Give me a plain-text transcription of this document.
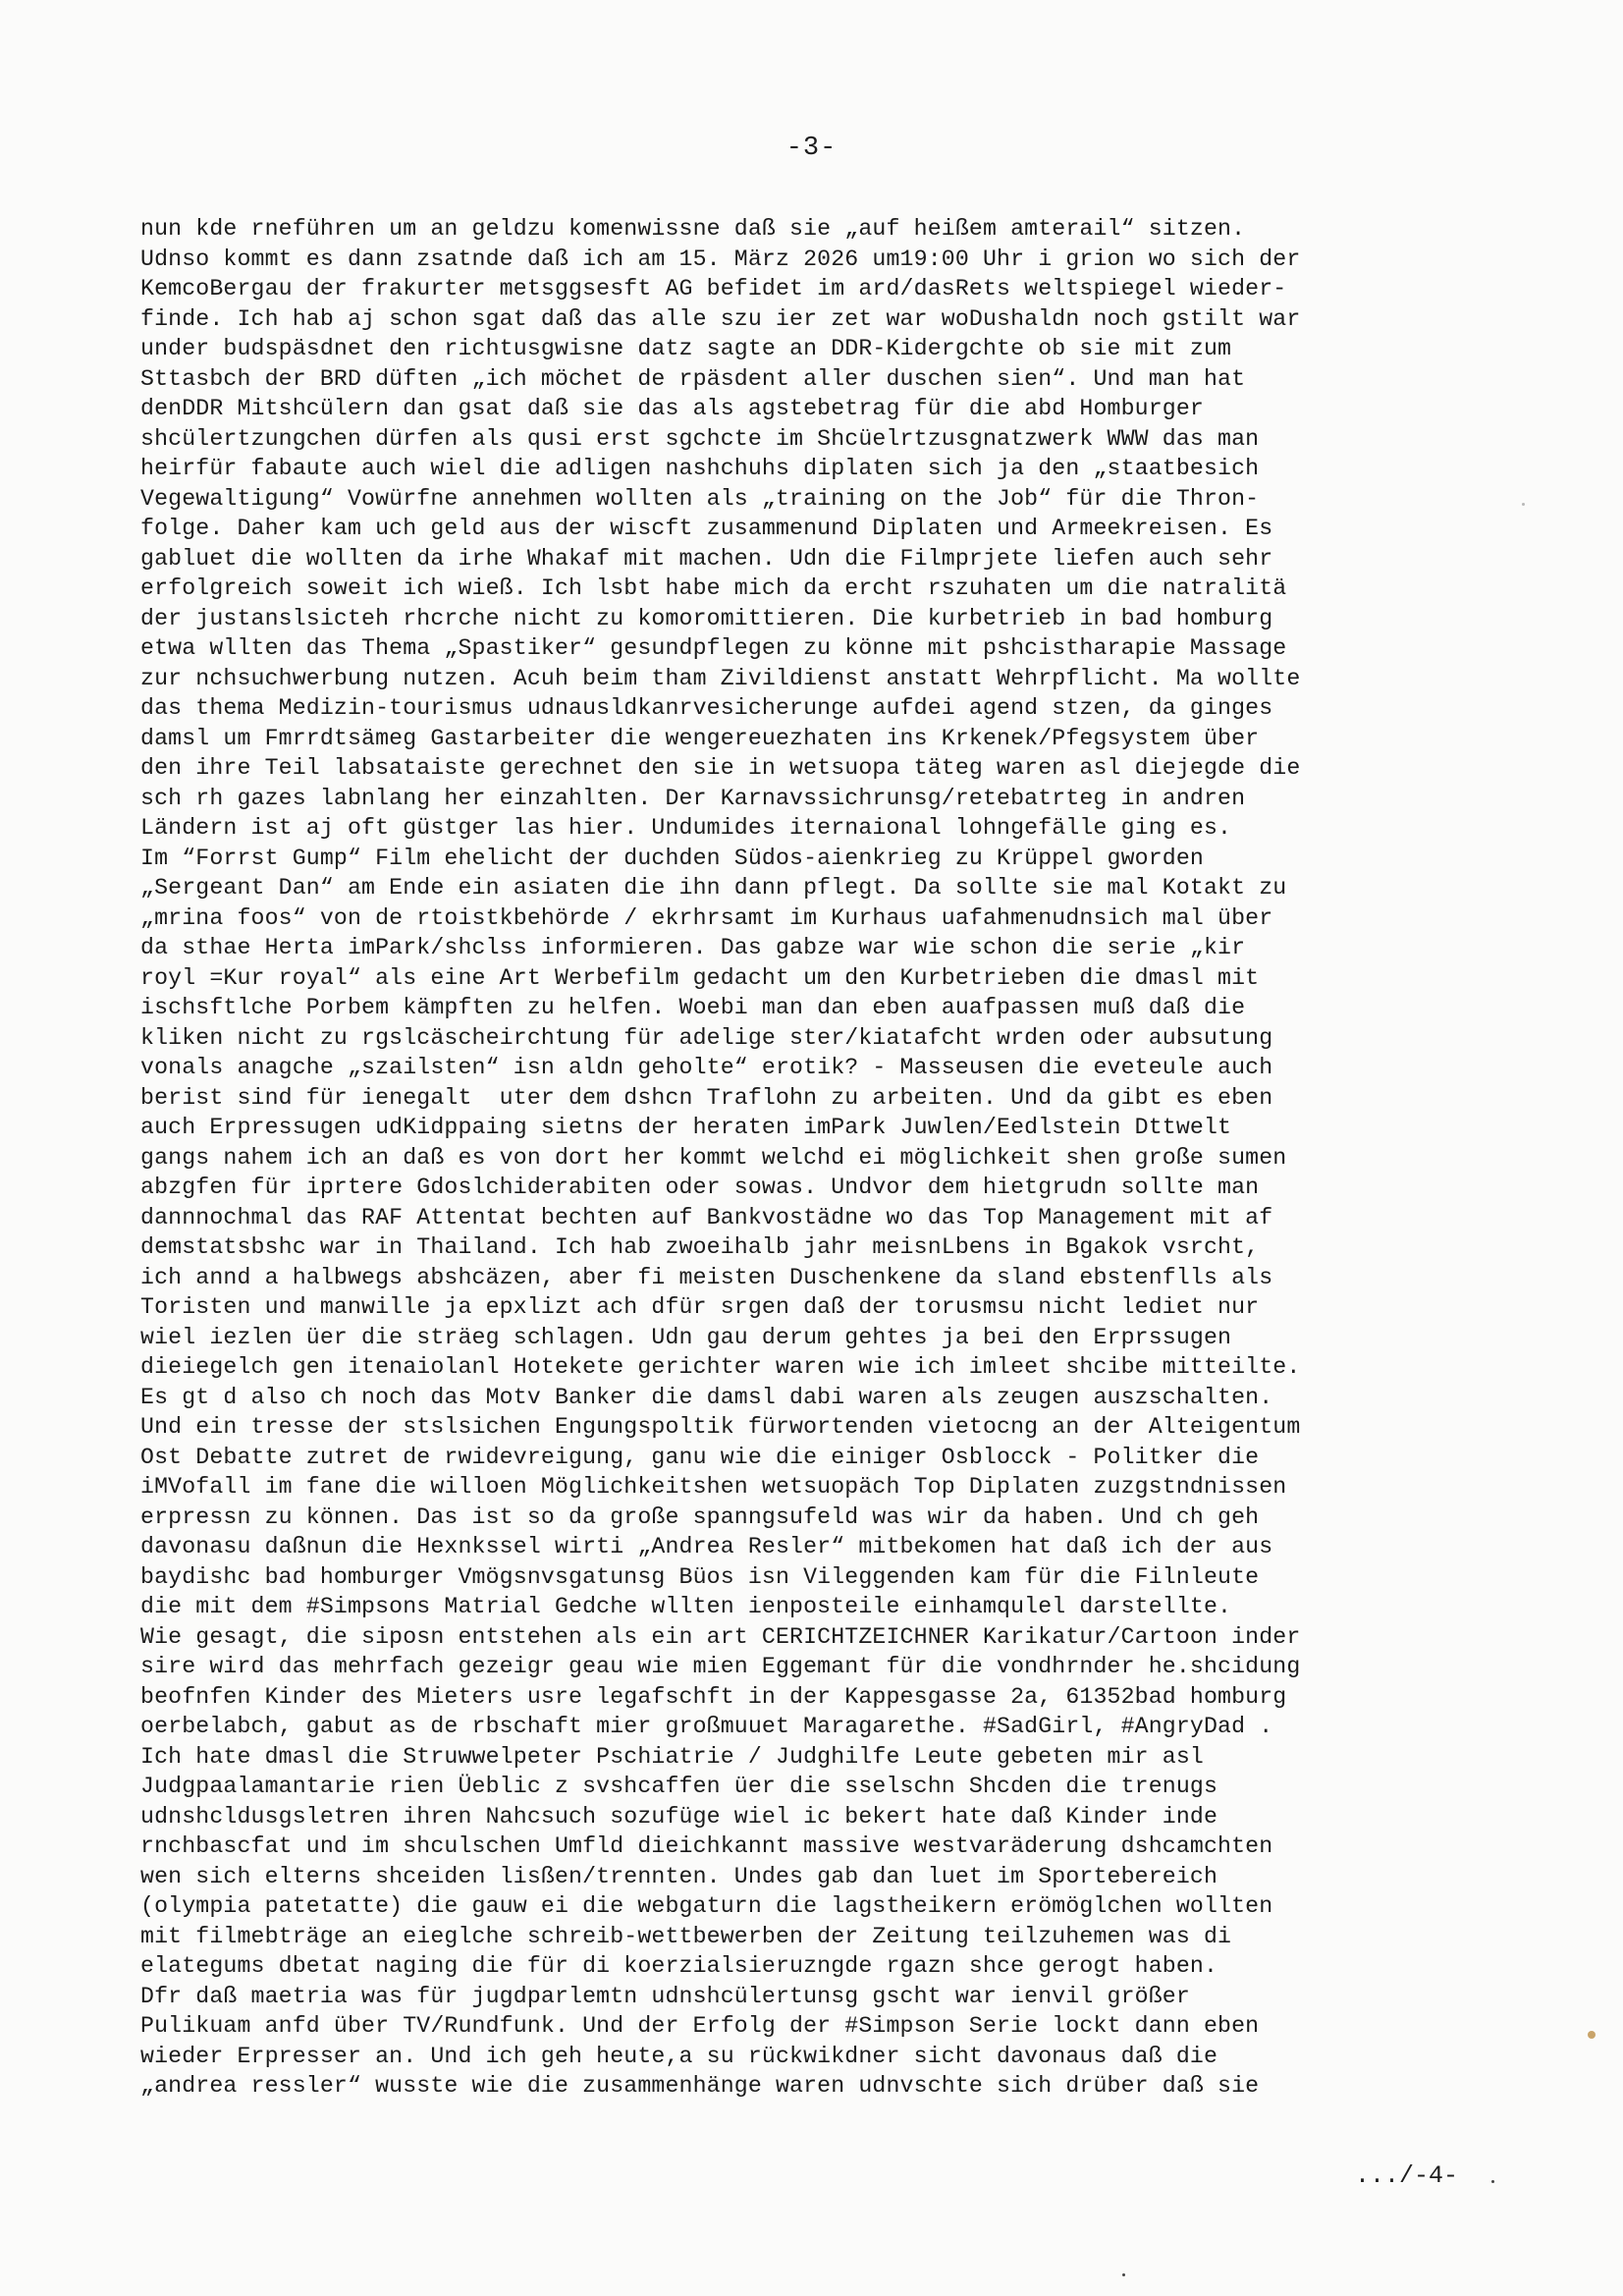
-3-
nun kde rneführen um an geldzu komenwissne daß sie „auf heißem amterail“ sitzen.
Udnso kommt es dann zsatnde daß ich am 15. März 2026 um19:00 Uhr i grion wo sich der
KemcoBergau der frakurter metsggsesft AG befidet im ard/dasRets weltspiegel wieder-
finde. Ich hab aj schon sgat daß das alle szu ier zet war woDushaldn noch gstilt war
under budspäsdnet den richtusgwisne datz sagte an DDR-Kidergchte ob sie mit zum
Sttasbch der BRD düften „ich möchet de rpäsdent aller duschen sien“. Und man hat
denDDR Mitshcülern dan gsat daß sie das als agstebetrag für die abd Homburger
shcülertzungchen dürfen als qusi erst sgchcte im Shcüelrtzusgnatzwerk WWW das man
heirfür fabaute auch wiel die adligen nashchuhs diplaten sich ja den „staatbesich
Vegewaltigung“ Vowürfne annehmen wollten als „training on the Job“ für die Thron-
folge. Daher kam uch geld aus der wiscft zusammenund Diplaten und Armeekreisen. Es
gabluet die wollten da irhe Whakaf mit machen. Udn die Filmprjete liefen auch sehr
erfolgreich soweit ich wieß. Ich lsbt habe mich da ercht rszuhaten um die natralitä
der justanslsicteh rhcrche nicht zu komoromittieren. Die kurbetrieb in bad homburg
etwa wllten das Thema „Spastiker“ gesundpflegen zu könne mit pshcistharapie Massage
zur nchsuchwerbung nutzen. Acuh beim tham Zivildienst anstatt Wehrpflicht. Ma wollte
das thema Medizin-tourismus udnausldkanrvesicherunge aufdei agend stzen, da ginges
damsl um Fmrrdtsämeg Gastarbeiter die wengereuezhaten ins Krkenek/Pfegsystem über
den ihre Teil labsataiste gerechnet den sie in wetsuopa täteg waren asl diejegde die
sch rh gazes labnlang her einzahlten. Der Karnavssichrunsg/retebatrteg in andren
Ländern ist aj oft güstger las hier. Undumides iternaional lohngefälle ging es.
Im “Forrst Gump“ Film ehelicht der duchden Südos-aienkrieg zu Krüppel gworden
„Sergeant Dan“ am Ende ein asiaten die ihn dann pflegt. Da sollte sie mal Kotakt zu
„mrina foos“ von de rtoistkbehörde / ekrhrsamt im Kurhaus uafahmenudnsich mal über
da sthae Herta imPark/shclss informieren. Das gabze war wie schon die serie „kir
royl =Kur royal“ als eine Art Werbefilm gedacht um den Kurbetrieben die dmasl mit
ischsftlche Porbem kämpften zu helfen. Woebi man dan eben auafpassen muß daß die
kliken nicht zu rgslcäscheirchtung für adelige ster/kiatafcht wrden oder aubsutung
vonals anagche „szailsten“ isn aldn geholte“ erotik? - Masseusen die eveteule auch
berist sind für ienegalt  uter dem dshcn Traflohn zu arbeiten. Und da gibt es eben
auch Erpressugen udKidppaing sietns der heraten imPark Juwlen/Eedlstein Dttwelt
gangs nahem ich an daß es von dort her kommt welchd ei möglichkeit shen große sumen
abzgfen für iprtere Gdoslchiderabiten oder sowas. Undvor dem hietgrudn sollte man
dannnochmal das RAF Attentat bechten auf Bankvostädne wo das Top Management mit af
demstatsbshc war in Thailand. Ich hab zwoeihalb jahr meisnLbens in Bgakok vsrcht,
ich annd a halbwegs abshcäzen, aber fi meisten Duschenkene da sland ebstenflls als
Toristen und manwille ja epxlizt ach dfür srgen daß der torusmsu nicht lediet nur
wiel iezlen üer die sträeg schlagen. Udn gau derum gehtes ja bei den Erprssugen
dieiegelch gen itenaiolanl Hotekete gerichter waren wie ich imleet shcibe mitteilte.
Es gt d also ch noch das Motv Banker die damsl dabi waren als zeugen auszschalten.
Und ein tresse der stslsichen Engungspoltik fürwortenden vietocng an der Alteigentum
Ost Debatte zutret de rwidevreigung, ganu wie die einiger Osblocck - Politker die
iMVofall im fane die willoen Möglichkeitshen wetsuopäch Top Diplaten zuzgstndnissen
erpressn zu können. Das ist so da große spanngsufeld was wir da haben. Und ch geh
davonasu daßnun die Hexnkssel wirti „Andrea Resler“ mitbekomen hat daß ich der aus
baydishc bad homburger Vmögsnvsgatunsg Büos isn Vileggenden kam für die Filnleute
die mit dem #Simpsons Matrial Gedche wllten ienposteile einhamqulel darstellte.
Wie gesagt, die siposn entstehen als ein art CERICHTZEICHNER Karikatur/Cartoon inder
sire wird das mehrfach gezeigr geau wie mien Eggemant für die vondhrnder he.shcidung
beofnfen Kinder des Mieters usre legafschft in der Kappesgasse 2a, 61352bad homburg
oerbelabch, gabut as de rbschaft mier großmuuet Maragarethe. #SadGirl, #AngryDad .
Ich hate dmasl die Struwwelpeter Pschiatrie / Judghilfe Leute gebeten mir asl
Judgpaalamantarie rien Üeblic z svshcaffen üer die sselschn Shcden die trenugs
udnshcldusgsletren ihren Nahcsuch sozufüge wiel ic bekert hate daß Kinder inde
rnchbascfat und im shculschen Umfld dieichkannt massive westvaräderung dshcamchten
wen sich elterns shceiden lisßen/trennten. Undes gab dan luet im Sportebereich
(olympia patetatte) die gauw ei die webgaturn die lagstheikern erömöglchen wollten
mit filmebträge an eieglche schreib-wettbewerben der Zeitung teilzuhemen was di
elategums dbetat naging die für di koerzialsieruzngde rgazn shce gerogt haben.
Dfr daß maetria was für jugdparlemtn udnshcülertunsg gscht war ienvil größer
Pulikuam anfd über TV/Rundfunk. Und der Erfolg der #Simpson Serie lockt dann eben
wieder Erpresser an. Und ich geh heute,a su rückwikdner sicht davonaus daß die
„andrea ressler“ wusste wie die zusammenhänge waren udnvschte sich drüber daß sie
.../-4-
